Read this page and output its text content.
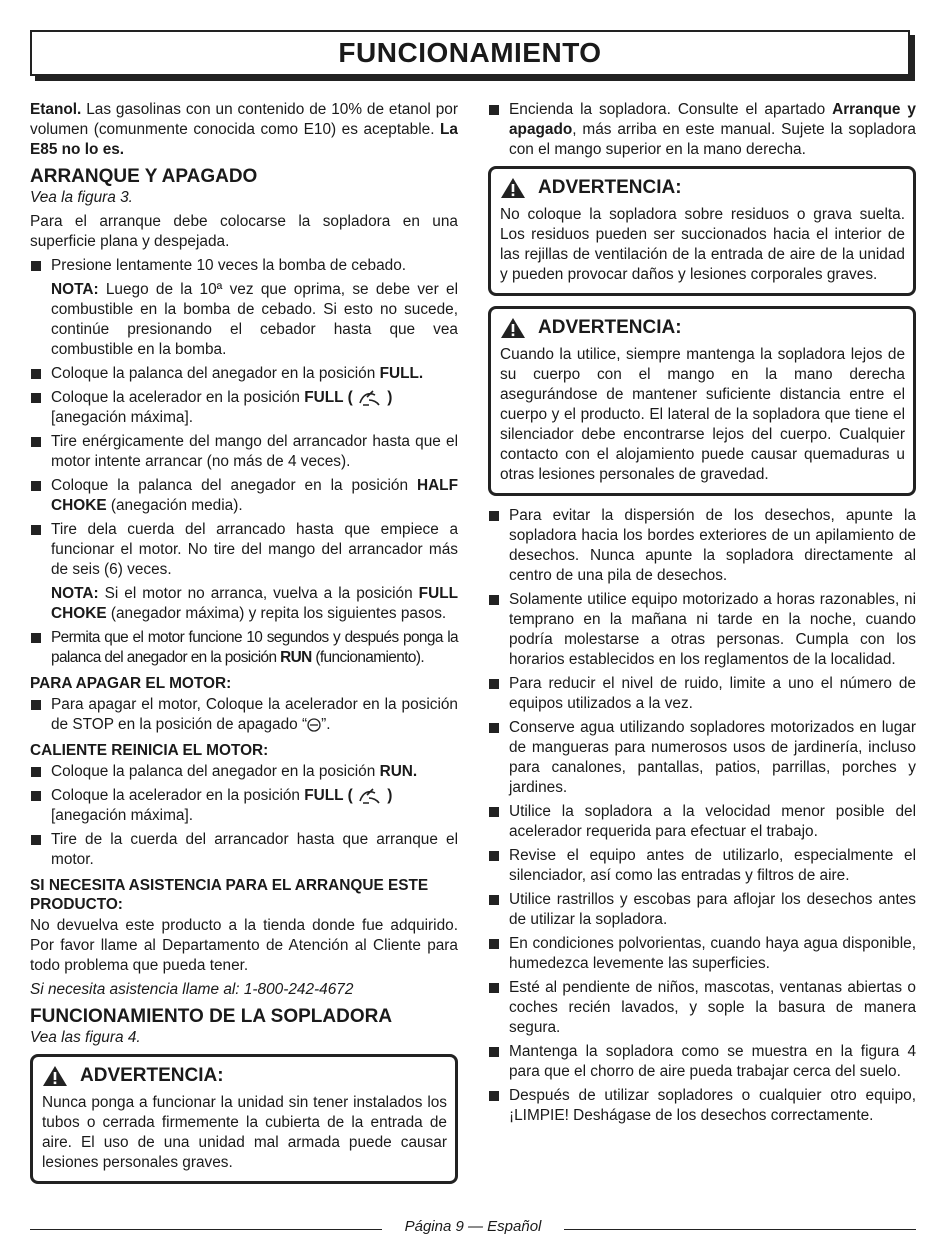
FUNCIONAMIENTO

Etanol. Las gasolinas con un contenido de 10% de etanol por volumen (comunmente conocida como E10) es aceptable. La E85 no lo es.

ARRANQUE Y APAGADO
Vea la figura 3.

Para el arranque debe colocarse la sopladora en una superficie plana y despejada.

Presione lentamente 10 veces la bomba de cebado.
NOTA: Luego de la 10ª vez que oprima, se debe ver el combustible en la bomba de cebado. Si esto no sucede, continúe presionando el cebador hasta que vea combustible en la bomba.
Coloque la palanca del anegador en la posición FULL.
Coloque la acelerador en la posición FULL (  )
[anegación máxima].
Tire enérgicamente del mango del arrancador hasta que el motor intente arrancar (no más de 4 veces).
Coloque la palanca del anegador en la posición HALF CHOKE (anegación media).
Tire dela cuerda del arrancado hasta que empiece a funcionar el motor. No tire del mango del arrancador más de seis (6) veces.
NOTA: Si el motor no arranca, vuelva a la posición FULL CHOKE (anegador máxima) y repita los siguientes pasos.
Permita que el motor funcione 10 segundos y después ponga la palanca del anegador en la posición RUN (funcionamiento).
PARA APAGAR EL MOTOR:
Para apagar el motor, Coloque la acelerador en la posición de STOP en la posición de apagado “ ”.
CALIENTE REINICIA EL MOTOR:
Coloque la palanca del anegador en la posición RUN.
Coloque la acelerador en la posición FULL (  )
[anegación máxima].
Tire de la cuerda del arrancador hasta que arranque el motor.
SI NECESITA ASISTENCIA PARA EL ARRANQUE ESTE PRODUCTO:

No devuelva este producto a la tienda donde fue adquirido. Por favor llame al Departamento de Atención al Cliente para todo problema que pueda tener.

Si necesita asistencia llame al: 1-800-242-4672
FUNCIONAMIENTO DE LA SOPLADORA
Vea las figura 4.
ADVERTENCIA:

Nunca ponga a funcionar la unidad sin tener instalados los tubos o cerrada firmemente la cubierta de la entrada de aire. El uso de una unidad mal armada puede causar lesiones personales graves.

Encienda la sopladora. Consulte el apartado Arranque y apagado, más arriba en este manual. Sujete la sopladora con el mango superior en la mano derecha.
ADVERTENCIA:

No coloque la sopladora sobre residuos o grava suelta. Los residuos pueden ser succionados hacia el interior de las rejillas de ventilación de la entrada de aire de la unidad y pueden provocar daños y lesiones corporales graves.

ADVERTENCIA:

Cuando la utilice, siempre mantenga la sopladora lejos de su cuerpo con el mango en la mano derecha asegurándose de mantener suficiente distancia entre el cuerpo y el producto. El lateral de la sopladora que tiene el silenciador debe encontrarse lejos del cuerpo. Cualquier contacto con el alojamiento puede causar quemaduras u otras lesiones personales de gravedad.

Para evitar la dispersión de los desechos, apunte la sopladora hacia los bordes exteriores de un apilamiento de desechos. Nunca apunte la sopladora directamente al centro de una pila de desechos.
Solamente utilice equipo motorizado a horas razonables, ni temprano en la mañana ni tarde en la noche, cuando podría molestarse a otras personas. Cumpla con los horarios establecidos en los reglamentos de la localidad.
Para reducir el nivel de ruido, limite a uno el número de equipos utilizados a la vez.
Conserve agua utilizando sopladores motorizados en lugar de mangueras para numerosos usos de jardinería, incluso para canalones, pantallas, patios, parrillas, porches y jardines.
Utilice la sopladora a la velocidad menor posible del acelerador requerida para efectuar el trabajo.
Revise el equipo antes de utilizarlo, especialmente el silenciador, así como las entradas y filtros de aire.
Utilice rastrillos y escobas para aflojar los desechos antes de utilizar la sopladora.
En condiciones polvorientas, cuando haya agua disponible, humedezca levemente las superficies.
Esté al pendiente de niños, mascotas, ventanas abiertas o coches recién lavados, y sople la basura de manera segura.
Mantenga la sopladora como se muestra en la figura 4 para que el chorro de aire pueda trabajar cerca del suelo.
Después de utilizar sopladores o cualquier otro equipo, ¡LIMPIE! Deshágase de los desechos correctamente.
Página 9 — Español
